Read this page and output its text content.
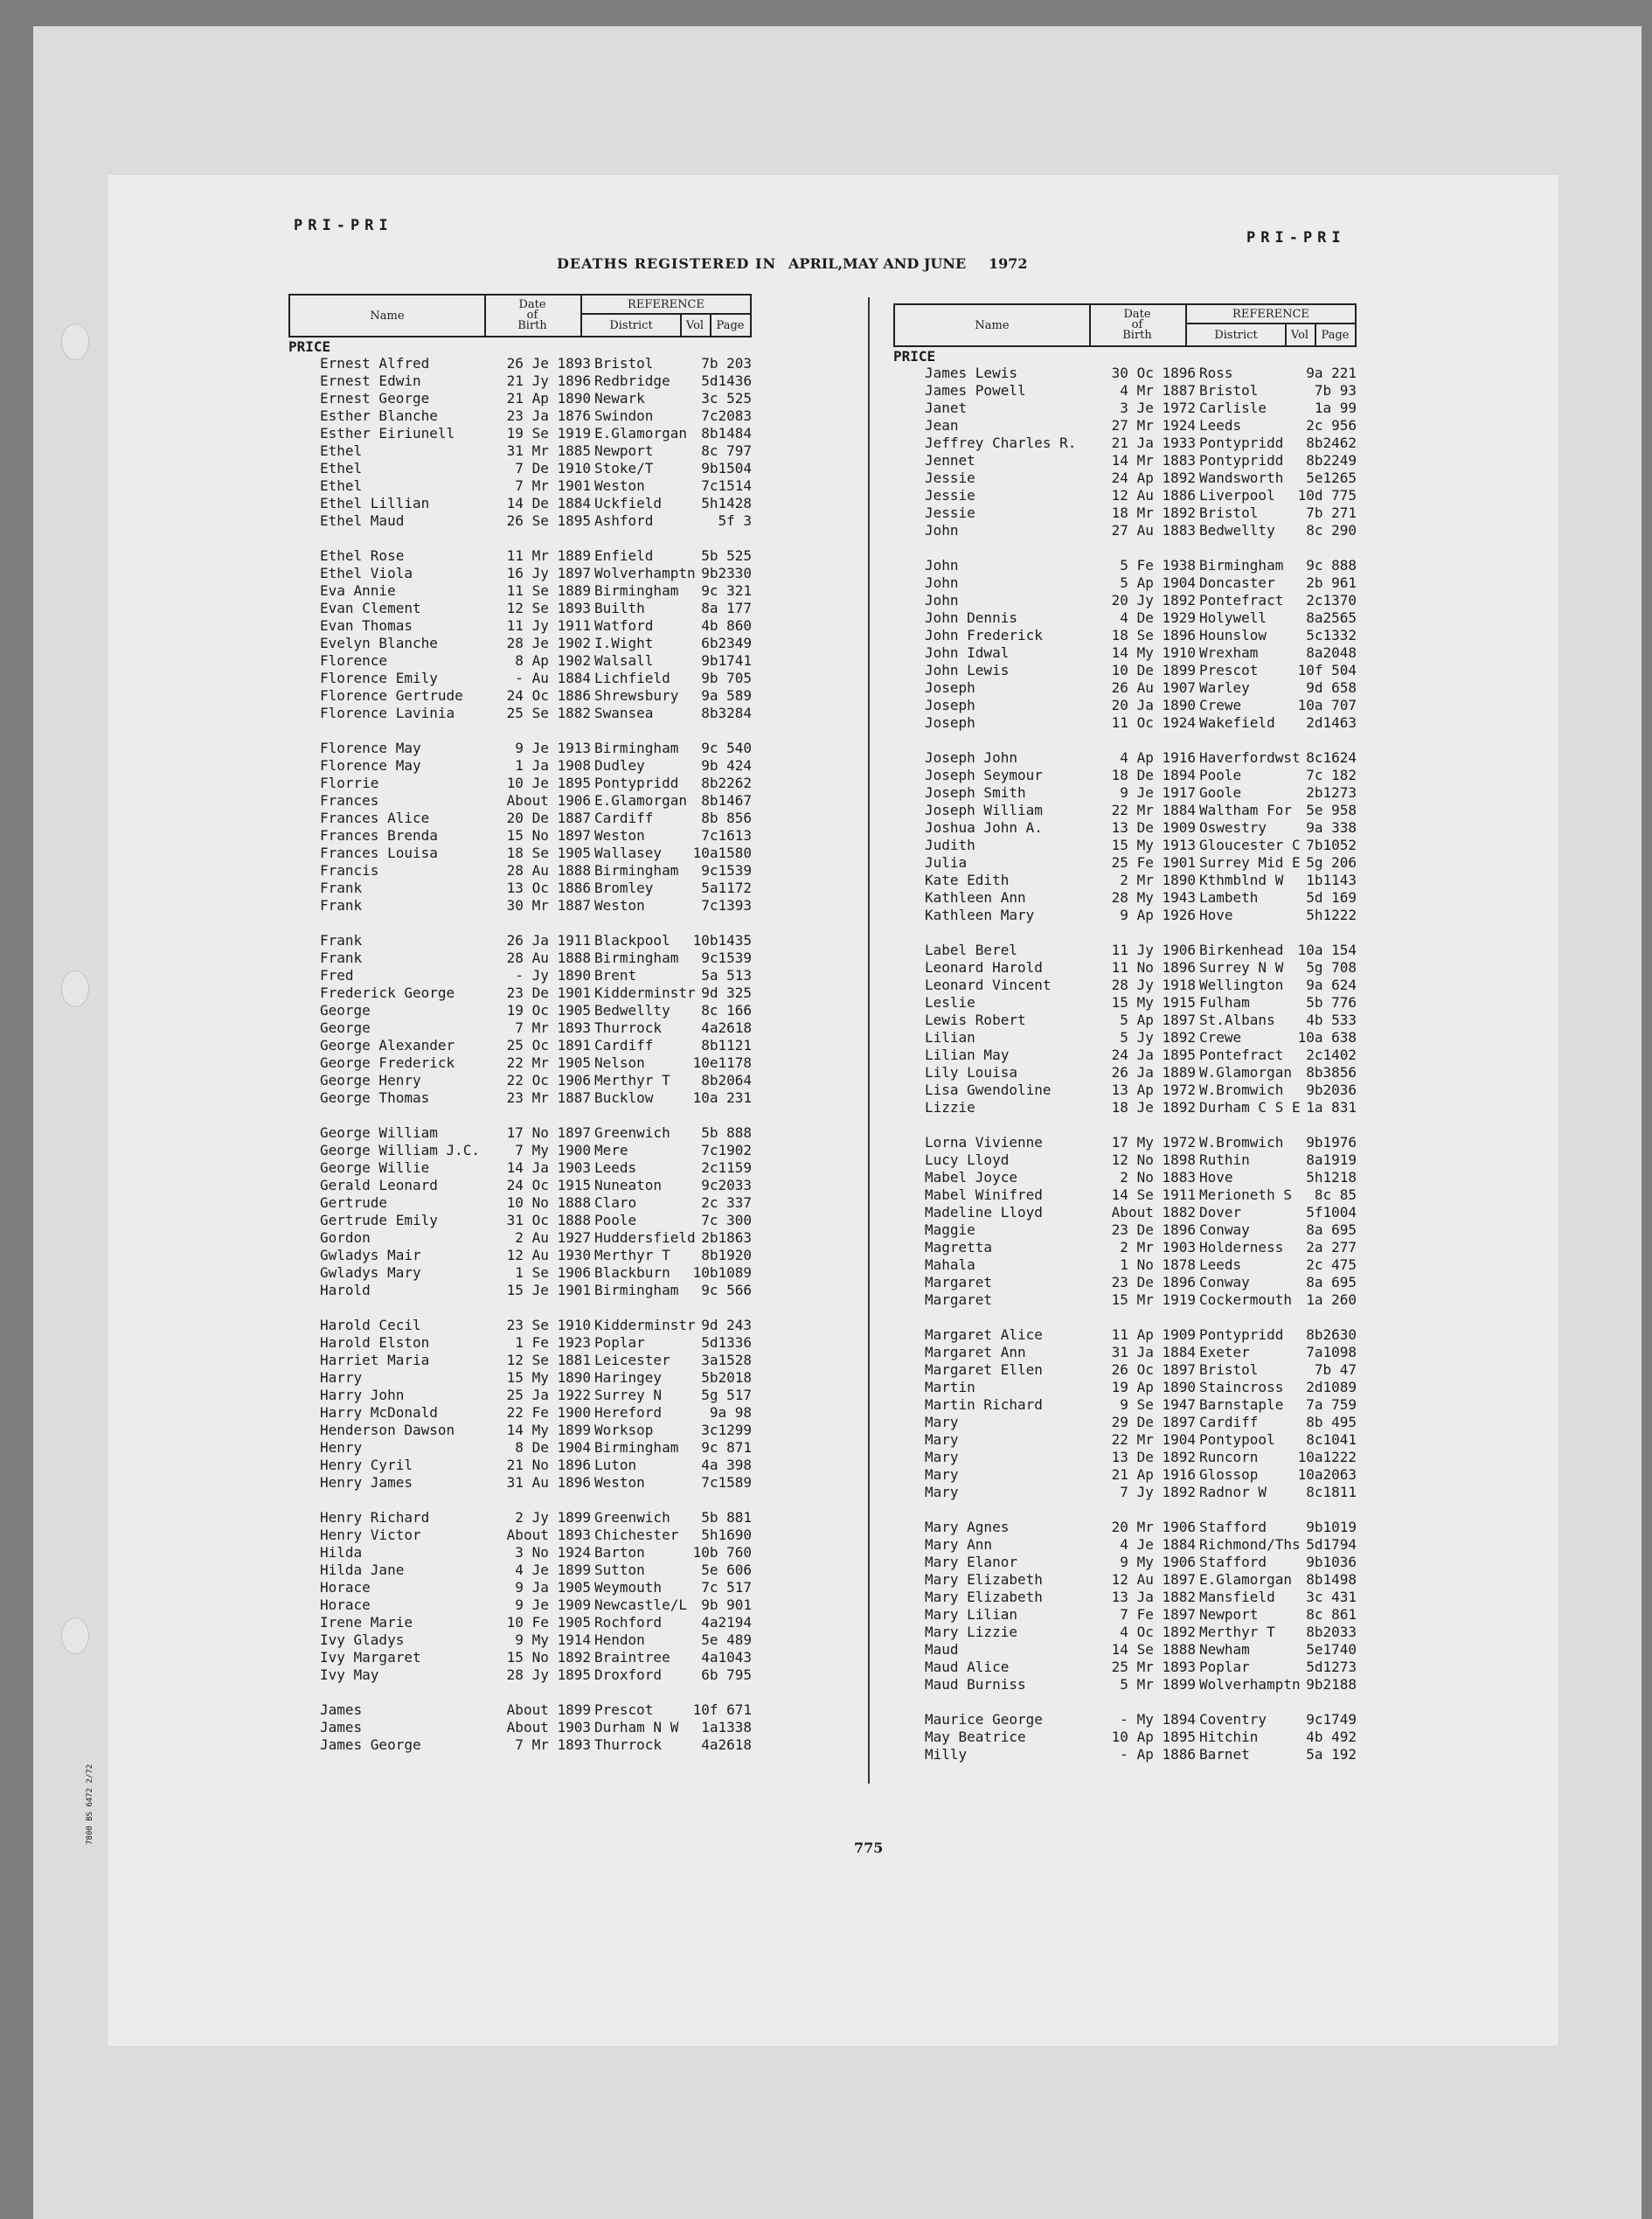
PRI-PRI
PRI-PRI
DEATHS REGISTERED IN APRIL,MAY AND JUNE 1972
Name
Date
of
Birth
REFERENCE
District	Vol	Page
PRICE
Ernest Alfred	26 Je 1893 Bristol	7b 203
Ernest Edwin	21 Jy 1896 Redbridge	5d1436
Ernest George	21 Ap 1890 Newark	3c 525
Esther Blanche	23 Ja 1876 Swindon	7c2083
Esther Eiriunell	19 Se 1919 E.Glamorgan	8b1484
Ethel	31 Mr 1885 Newport	8c 797
Ethel	7 De 1910 Stoke/T	9b1504
Ethel	7 Mr 1901 Weston	7c1514
Ethel Lillian	14 De 1884 Uckfield	5h1428
Ethel Maud	26 Se 1895 Ashford	5f 3
Ethel Rose	11 Mr 1889 Enfield	5b 525
Ethel Viola	16 Jy 1897 Wolverhamptn 9b2330
Eva Annie	11 Se 1889 Birmingham	9c 321
Evan Clement	12 Se 1893 Builth	8a 177
Evan Thomas	11 Jy 1911 Watford	4b 860
Evelyn Blanche	28 Je 1902 I.Wight	6b2349
Florence	8 Ap 1902 Walsall	9b1741
Florence Emily	- Au 1884 Lichfield	9b 705
Florence Gertrude	24 Oc 1886 Shrewsbury	9a 589
Florence Lavinia	25 Se 1882 Swansea	8b3284
Florence May	9 Je 1913 Birmingham	9c 540
Florence May	1 Ja 1908 Dudley	9b 424
Florrie	10 Je 1895 Pontypridd	8b2262
Frances	About 1906 E.Glamorgan	8b1467
Frances Alice	20 De 1887 Cardiff	8b 856
Frances Brenda	15 No 1897 Weston	7c1613
Frances Louisa	18 Se 1905 Wallasey	10a1580
Francis	28 Au 1888 Birmingham	9c1539
Frank	13 Oc 1886 Bromley	5a1172
Frank	30 Mr 1887 Weston	7c1393
Frank	26 Ja 1911 Blackpool	10b1435
Frank	28 Au 1888 Birmingham	9c1539
Fred	- Jy 1890 Brent	5a 513
Frederick George	23 De 1901 Kidderminstr 9d 325
George	19 Oc 1905 Bedwellty	8c 166
George	7 Mr 1893 Thurrock	4a2618
George Alexander	25 Oc 1891 Cardiff	8b1121
George Frederick	22 Mr 1905 Nelson	10e1178
George Henry	22 Oc 1906 Merthyr T	8b2064
George Thomas	23 Mr 1887 Bucklow	10a 231
George William	17 No 1897 Greenwich	5b 888
George William J.C.	7 My 1900 Mere	7c1902
George Willie	14 Ja 1903 Leeds	2c1159
Gerald Leonard	24 Oc 1915 Nuneaton	9c2033
Gertrude	10 No 1888 Claro	2c 337
Gertrude Emily	31 Oc 1888 Poole	7c 300
Gordon	2 Au 1927 Huddersfield 2b1863
Gwladys Mair	12 Au 1930 Merthyr T	8b1920
Gwladys Mary	1 Se 1906 Blackburn	10b1089
Harold	15 Je 1901 Birmingham	9c 566
Harold Cecil	23 Se 1910 Kidderminstr 9d 243
Harold Elston	1 Fe 1923 Poplar	5d1336
Harriet Maria	12 Se 1881 Leicester	3a1528
Harry	15 My 1890 Haringey	5b2018
Harry John	25 Ja 1922 Surrey N	5g 517
Harry McDonald	22 Fe 1900 Hereford	9a 98
Henderson Dawson	14 My 1899 Worksop	3c1299
Henry	8 De 1904 Birmingham	9c 871
Henry Cyril	21 No 1896 Luton	4a 398
Henry James	31 Au 1896 Weston	7c1589
Henry Richard	2 Jy 1899 Greenwich	5b 881
Henry Victor	About 1893 Chichester	5h1690
Hilda	3 No 1924 Barton	10b 760
Hilda Jane	4 Je 1899 Sutton	5e 606
Horace	9 Ja 1905 Weymouth	7c 517
Horace	9 Je 1909 Newcastle/L	9b 901
Irene Marie	10 Fe 1905 Rochford	4a2194
Ivy Gladys	9 My 1914 Hendon	5e 489
Ivy Margaret	15 No 1892 Braintree	4a1043
Ivy May	28 Jy 1895 Droxford	6b 795
James	About 1899 Prescot	10f 671
James	About 1903 Durham N W	1a1338
James George	7 Mr 1893 Thurrock	4a2618
Name
Date
of
Birth
REFERENCE
District	Vol	Page
PRICE
James Lewis	30 Oc 1896 Ross	9a 221
James Powell	4 Mr 1887 Bristol	7b 93
Janet	3 Je 1972 Carlisle	1a 99
Jean	27 Mr 1924 Leeds	2c 956
Jeffrey Charles R.	21 Ja 1933 Pontypridd	8b2462
Jennet	14 Mr 1883 Pontypridd	8b2249
Jessie	24 Ap 1892 Wandsworth	5e1265
Jessie	12 Au 1886 Liverpool	10d 775
Jessie	18 Mr 1892 Bristol	7b 271
John	27 Au 1883 Bedwellty	8c 290
John	5 Fe 1938 Birmingham	9c 888
John	5 Ap 1904 Doncaster	2b 961
John	20 Jy 1892 Pontefract	2c1370
John Dennis	4 De 1929 Holywell	8a2565
John Frederick	18 Se 1896 Hounslow	5c1332
John Idwal	14 My 1910 Wrexham	8a2048
John Lewis	10 De 1899 Prescot	10f 504
Joseph	26 Au 1907 Warley	9d 658
Joseph	20 Ja 1890 Crewe	10a 707
Joseph	11 Oc 1924 Wakefield	2d1463
Joseph John	4 Ap 1916 Haverfordwst 8c1624
Joseph Seymour	18 De 1894 Poole	7c 182
Joseph Smith	9 Je 1917 Goole	2b1273
Joseph William	22 Mr 1884 Waltham For	5e 958
Joshua John A.	13 De 1909 Oswestry	9a 338
Judith	15 My 1913 Gloucester C 7b1052
Julia	25 Fe 1901 Surrey Mid E 5g 206
Kate Edith	2 Mr 1890 Kthmblnd W	1b1143
Kathleen Ann	28 My 1943 Lambeth	5d 169
Kathleen Mary	9 Ap 1926 Hove	5h1222
Label Berel	11 Jy 1906 Birkenhead	10a 154
Leonard Harold	11 No 1896 Surrey N W	5g 708
Leonard Vincent	28 Jy 1918 Wellington	9a 624
Leslie	15 My 1915 Fulham	5b 776
Lewis Robert	5 Ap 1897 St.Albans	4b 533
Lilian	5 Jy 1892 Crewe	10a 638
Lilian May	24 Ja 1895 Pontefract	2c1402
Lily Louisa	26 Ja 1889 W.Glamorgan	8b3856
Lisa Gwendoline	13 Ap 1972 W.Bromwich	9b2036
Lizzie	18 Je 1892 Durham C S E 1a 831
Lorna Vivienne	17 My 1972 W.Bromwich	9b1976
Lucy Lloyd	12 No 1898 Ruthin	8a1919
Mabel Joyce	2 No 1883 Hove	5h1218
Mabel Winifred	14 Se 1911 Merioneth S	8c 85
Madeline Lloyd	About 1882 Dover	5f1004
Maggie	23 De 1896 Conway	8a 695
Magretta	2 Mr 1903 Holderness	2a 277
Mahala	1 No 1878 Leeds	2c 475
Margaret	23 De 1896 Conway	8a 695
Margaret	15 Mr 1919 Cockermouth	1a 260
Margaret Alice	11 Ap 1909 Pontypridd	8b2630
Margaret Ann	31 Ja 1884 Exeter	7a1098
Margaret Ellen	26 Oc 1897 Bristol	7b 47
Martin	19 Ap 1890 Staincross	2d1089
Martin Richard	9 Se 1947 Barnstaple	7a 759
Mary	29 De 1897 Cardiff	8b 495
Mary	22 Mr 1904 Pontypool	8c1041
Mary	13 De 1892 Runcorn	10a1222
Mary	21 Ap 1916 Glossop	10a2063
Mary	7 Jy 1892 Radnor W	8c1811
Mary Agnes	20 Mr 1906 Stafford	9b1019
Mary Ann	4 Je 1884 Richmond/Ths 5d1794
Mary Elanor	9 My 1906 Stafford	9b1036
Mary Elizabeth	12 Au 1897 E.Glamorgan	8b1498
Mary Elizabeth	13 Ja 1882 Mansfield	3c 431
Mary Lilian	7 Fe 1897 Newport	8c 861
Mary Lizzie	4 Oc 1892 Merthyr T	8b2033
Maud	14 Se 1888 Newham	5e1740
Maud Alice	25 Mr 1893 Poplar	5d1273
Maud Burniss	5 Mr 1899 Wolverhamptn 9b2188
Maurice George	- My 1894 Coventry	9c1749
May Beatrice	10 Ap 1895 Hitchin	4b 492
Milly	- Ap 1886 Barnet	5a 192
775
7800 BS 6472 2/72
